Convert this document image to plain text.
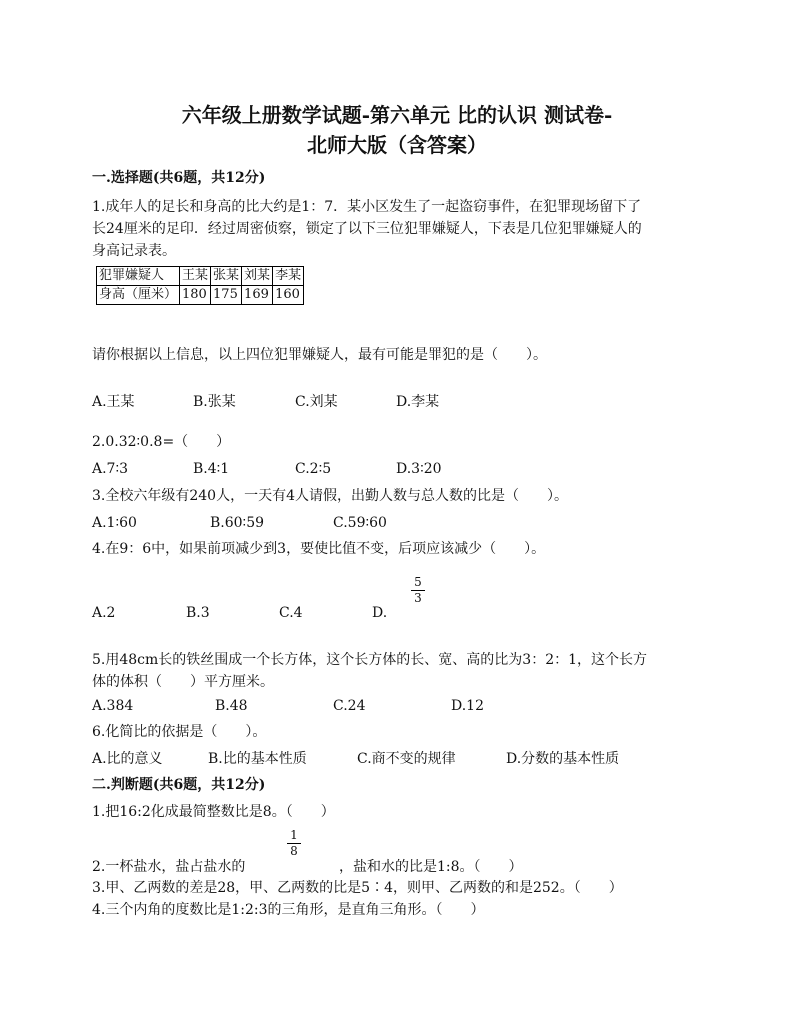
六年级上册数学试题-第六单元 比的认识 测试卷-
北师大版（含答案）
一.选择题(共6题，共12分)
1.成年人的足长和身高的比大约是1：7．某小区发生了一起盗窃事件，在犯罪现场留下了
长24厘米的足印．经过周密侦察，锁定了以下三位犯罪嫌疑人，下表是几位犯罪嫌疑人的
身高记录表。
犯罪嫌疑人	王某	张某	刘某	李某
身高（厘米）	180	175	169	160
请你根据以上信息，以上四位犯罪嫌疑人，最有可能是罪犯的是（　　）。
A.王某	B.张某	C.刘某	D.李某
2.0.32∶0.8=（　　）
A.7∶3	B.4∶1	C.2∶5	D.3∶20
3.全校六年级有240人，一天有4人请假，出勤人数与总人数的比是（　　）。
A.1∶60	B.60∶59	C.59∶60
4.在9：6中，如果前项减少到3，要使比值不变，后项应该减少（　　）。
A.2	B.3	C.4	D.
5
3
5.用48cm长的铁丝围成一个长方体，这个长方体的长、宽、高的比为3：2：1，这个长方
体的体积（　　）平方厘米。
A.384	B.48	C.24	D.12
6.化简比的依据是（　　）。
A.比的意义	B.比的基本性质	C.商不变的规律	D.分数的基本性质
二.判断题(共6题，共12分)
1.把16:2化成最简整数比是8。（　　）
1
8
2.一杯盐水，盐占盐水的	，盐和水的比是1:8。（　　）
3.甲、乙两数的差是28，甲、乙两数的比是5∶4，则甲、乙两数的和是252。（　　）
4.三个内角的度数比是1:2:3的三角形，是直角三角形。（　　）
